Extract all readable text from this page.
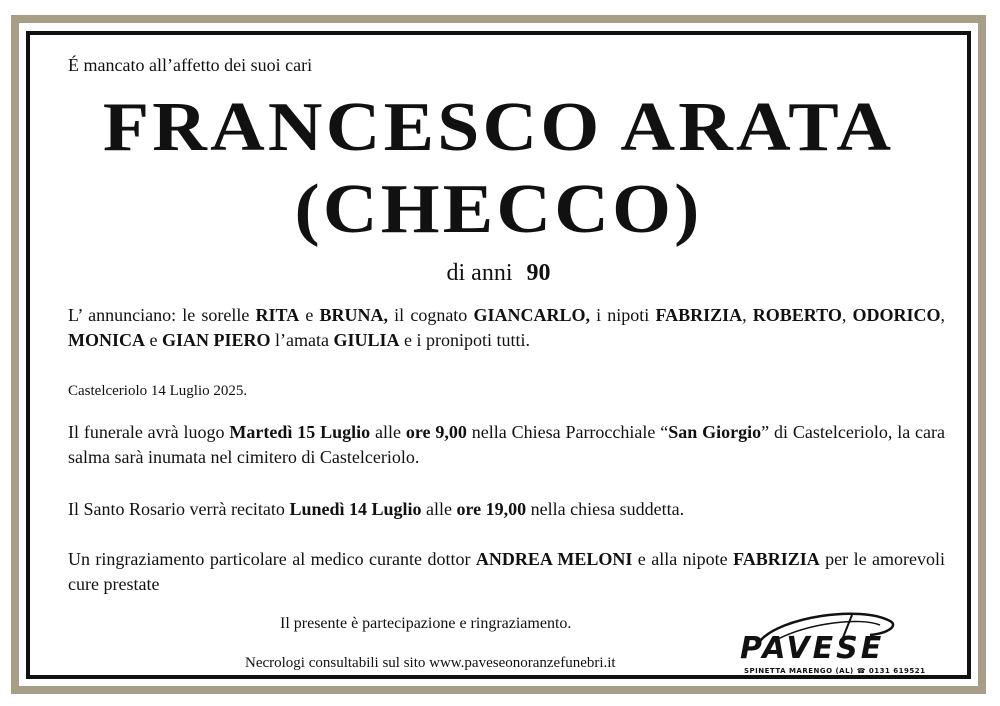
É mancato all’affetto dei suoi cari
FRANCESCO ARATA
(CHECCO)
di anni 90
L’ annunciano: le sorelle RITA e BRUNA, il cognato GIANCARLO, i nipoti FABRIZIA, ROBERTO, ODORICO, MONICA e GIAN PIERO l’amata GIULIA e i pronipoti tutti.
Castelceriolo 14 Luglio 2025.
Il funerale avrà luogo Martedì 15 Luglio alle ore 9,00 nella Chiesa Parrocchiale “San Giorgio” di Castelceriolo, la cara salma sarà inumata nel cimitero di Castelceriolo.
Il Santo Rosario verrà recitato Lunedì 14 Luglio alle ore 19,00 nella chiesa suddetta.
Un ringraziamento particolare al medico curante dottor ANDREA MELONI e alla nipote FABRIZIA per le amorevoli cure prestate
Il presente è partecipazione e ringraziamento.
Necrologi consultabili sul sito www.paveseonoranzefunebri.it	PAVESE
SPINETTA MARENGO (AL) ☎ 0131 619521
